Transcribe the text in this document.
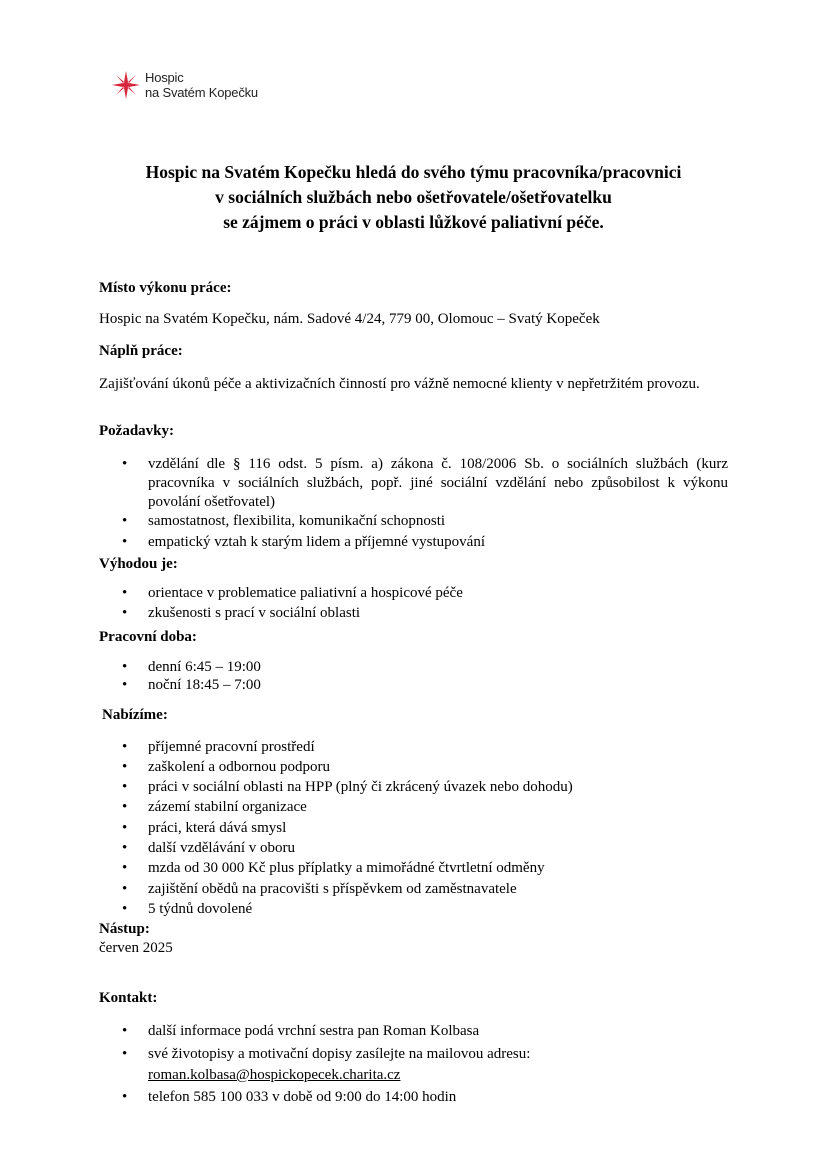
Hospic
na Svatém Kopečku
Hospic na Svatém Kopečku hledá do svého týmu pracovníka/pracovnici
v sociálních službách nebo ošetřovatele/ošetřovatelku
se zájmem o práci v oblasti lůžkové paliativní péče.
Místo výkonu práce:
Hospic na Svatém Kopečku, nám. Sadové 4/24, 779 00, Olomouc – Svatý Kopeček
Náplň práce:
Zajišťování úkonů péče a aktivizačních činností pro vážně nemocné klienty v nepřetržitém provozu.
Požadavky:
• vzdělání dle § 116 odst. 5 písm. a) zákona č. 108/2006 Sb. o sociálních službách (kurz pracovníka v sociálních službách, popř. jiné sociální vzdělání nebo způsobilost k výkonu povolání ošetřovatel)
• samostatnost, flexibilita, komunikační schopnosti
• empatický vztah k starým lidem a příjemné vystupování
Výhodou je:
• orientace v problematice paliativní a hospicové péče
• zkušenosti s prací v sociální oblasti
Pracovní doba:
• denní 6:45 – 19:00
• noční 18:45 – 7:00
Nabízíme:
• příjemné pracovní prostředí
• zaškolení a odbornou podporu
• práci v sociální oblasti na HPP (plný či zkrácený úvazek nebo dohodu)
• zázemí stabilní organizace
• práci, která dává smysl
• další vzdělávání v oboru
• mzda od 30 000 Kč plus příplatky a mimořádné čtvrtletní odměny
• zajištění obědů na pracovišti s příspěvkem od zaměstnavatele
• 5 týdnů dovolené
Nástup:
červen 2025
Kontakt:
• další informace podá vrchní sestra pan Roman Kolbasa
• své životopisy a motivační dopisy zasílejte na mailovou adresu:
roman.kolbasa@hospickopecek.charita.cz
• telefon 585 100 033 v době od 9:00 do 14:00 hodin
